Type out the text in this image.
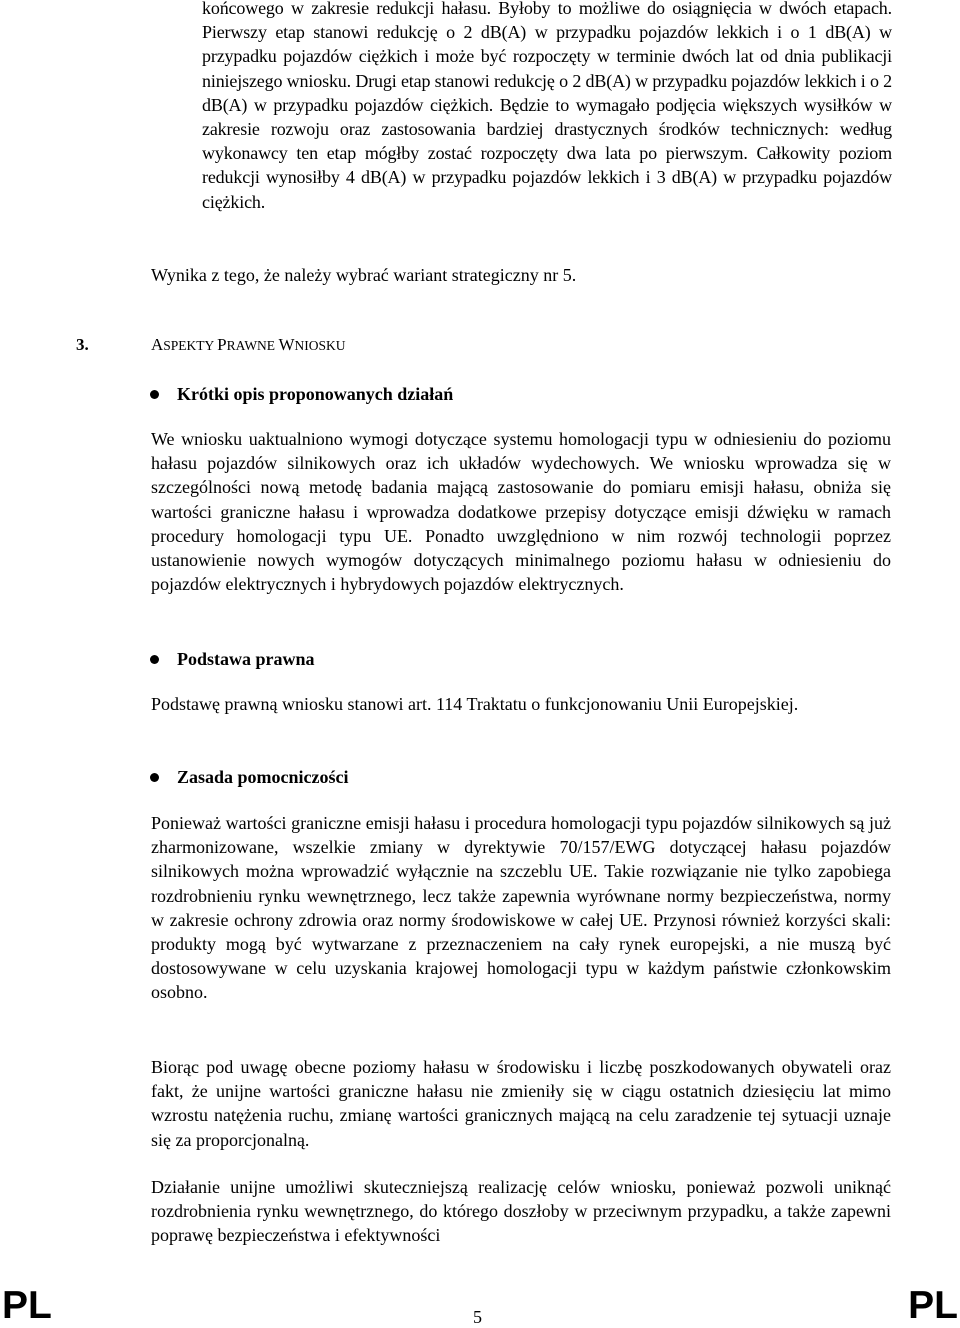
końcowego w zakresie redukcji hałasu. Byłoby to możliwe do osiągnięcia w dwóch etapach. Pierwszy etap stanowi redukcję o 2 dB(A) w przypadku pojazdów lekkich i o 1 dB(A) w przypadku pojazdów ciężkich i może być rozpoczęty w terminie dwóch lat od dnia publikacji niniejszego wniosku. Drugi etap stanowi redukcję o 2 dB(A) w przypadku pojazdów lekkich i o 2 dB(A) w przypadku pojazdów ciężkich. Będzie to wymagało podjęcia większych wysiłków w zakresie rozwoju oraz zastosowania bardziej drastycznych środków technicznych: według wykonawcy ten etap mógłby zostać rozpoczęty dwa lata po pierwszym. Całkowity poziom redukcji wynosiłby 4 dB(A) w przypadku pojazdów lekkich i 3 dB(A) w przypadku pojazdów ciężkich.

Wynika z tego, że należy wybrać wariant strategiczny nr 5.

3.	ASPEKTY PRAWNE WNIOSKU
Krótki opis proponowanych działań

We wniosku uaktualniono wymogi dotyczące systemu homologacji typu w odniesieniu do poziomu hałasu pojazdów silnikowych oraz ich układów wydechowych. We wniosku wprowadza się w szczególności nową metodę badania mającą zastosowanie do pomiaru emisji hałasu, obniża się wartości graniczne hałasu i wprowadza dodatkowe przepisy dotyczące emisji dźwięku w ramach procedury homologacji typu UE. Ponadto uwzględniono w nim rozwój technologii poprzez ustanowienie nowych wymogów dotyczących minimalnego poziomu hałasu w odniesieniu do pojazdów elektrycznych i hybrydowych pojazdów elektrycznych.

Podstawa prawna

Podstawę prawną wniosku stanowi art. 114 Traktatu o funkcjonowaniu Unii Europejskiej.

Zasada pomocniczości

Ponieważ wartości graniczne emisji hałasu i procedura homologacji typu pojazdów silnikowych są już zharmonizowane, wszelkie zmiany w dyrektywie 70/157/EWG dotyczącej hałasu pojazdów silnikowych można wprowadzić wyłącznie na szczeblu UE. Takie rozwiązanie nie tylko zapobiega rozdrobnieniu rynku wewnętrznego, lecz także zapewnia wyrównane normy bezpieczeństwa, normy w zakresie ochrony zdrowia oraz normy środowiskowe w całej UE. Przynosi również korzyści skali: produkty mogą być wytwarzane z przeznaczeniem na cały rynek europejski, a nie muszą być dostosowywane w celu uzyskania krajowej homologacji typu w każdym państwie członkowskim osobno.

Biorąc pod uwagę obecne poziomy hałasu w środowisku i liczbę poszkodowanych obywateli oraz fakt, że unijne wartości graniczne hałasu nie zmieniły się w ciągu ostatnich dziesięciu lat mimo wzrostu natężenia ruchu, zmianę wartości granicznych mającą na celu zaradzenie tej sytuacji uznaje się za proporcjonalną.

Działanie unijne umożliwi skuteczniejszą realizację celów wniosku, ponieważ pozwoli uniknąć rozdrobnienia rynku wewnętrznego, do którego doszłoby w przeciwnym przypadku, a także zapewni poprawę bezpieczeństwa i efektywności

PL	5	PL
